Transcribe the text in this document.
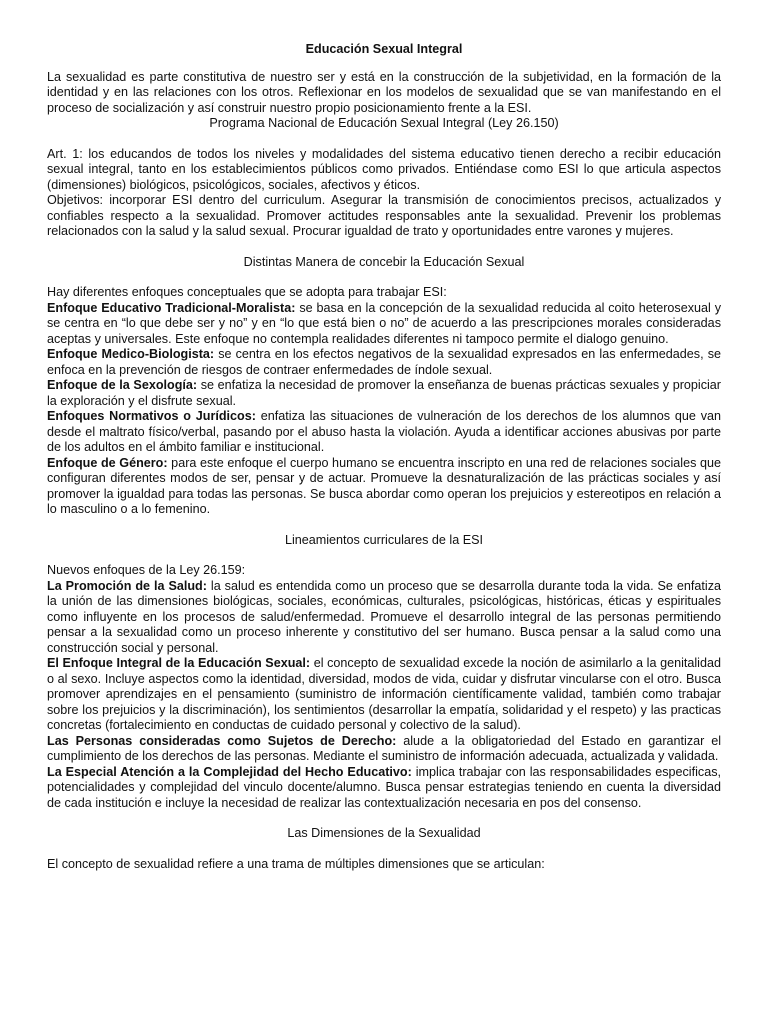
Educación Sexual Integral

La sexualidad es parte constitutiva de nuestro ser y está en la construcción de la subjetividad, en la formación de la identidad y en las relaciones con los otros. Reflexionar en los modelos de sexualidad que se van manifestando en el proceso de socialización y así construir nuestro propio posicionamiento frente a la ESI.

Programa Nacional de Educación Sexual Integral (Ley 26.150)

Art. 1: los educandos de todos los niveles y modalidades del sistema educativo tienen derecho a recibir educación sexual integral, tanto en los establecimientos públicos como privados. Entiéndase como ESI lo que articula aspectos (dimensiones) biológicos, psicológicos, sociales, afectivos y éticos.

Objetivos: incorporar ESI dentro del curriculum. Asegurar la transmisión de conocimientos precisos, actualizados y confiables respecto a la sexualidad. Promover actitudes responsables ante la sexualidad. Prevenir los problemas relacionados con la salud y la salud sexual. Procurar igualdad de trato y oportunidades entre varones y mujeres.

Distintas Manera de concebir la Educación Sexual

Hay diferentes enfoques conceptuales que se adopta para trabajar ESI:

Enfoque Educativo Tradicional-Moralista: se basa en la concepción de la sexualidad reducida al coito heterosexual y se centra en “lo que debe ser y no” y en “lo que está bien o no” de acuerdo a las prescripciones morales consideradas aceptas y universales. Este enfoque no contempla realidades diferentes ni tampoco permite el dialogo genuino.

Enfoque Medico-Biologista: se centra en los efectos negativos de la sexualidad expresados en las enfermedades, se enfoca en la prevención de riesgos de contraer enfermedades de índole sexual.

Enfoque de la Sexología: se enfatiza la necesidad de promover la enseñanza de buenas prácticas sexuales y propiciar la exploración y el disfrute sexual.

Enfoques Normativos o Jurídicos: enfatiza las situaciones de vulneración de los derechos de los alumnos que van desde el maltrato físico/verbal, pasando por el abuso hasta la violación. Ayuda a identificar acciones abusivas por parte de los adultos en el ámbito familiar e institucional.

Enfoque de Género: para este enfoque el cuerpo humano se encuentra inscripto en una red de relaciones sociales que configuran diferentes modos de ser, pensar y de actuar. Promueve la desnaturalización de las prácticas sociales y así promover la igualdad para todas las personas. Se busca abordar como operan los prejuicios y estereotipos en relación a lo masculino o a lo femenino.

Lineamientos curriculares de la ESI

Nuevos enfoques de la Ley 26.159:

La Promoción de la Salud: la salud es entendida como un proceso que se desarrolla durante toda la vida. Se enfatiza la unión de las dimensiones biológicas, sociales, económicas, culturales, psicológicas, históricas, éticas y espirituales como influyente en los procesos de salud/enfermedad. Promueve el desarrollo integral de las personas permitiendo pensar a la sexualidad como un proceso inherente y constitutivo del ser humano. Busca pensar a la salud como una construcción social y personal.

El Enfoque Integral de la Educación Sexual: el concepto de sexualidad excede la noción de asimilarlo a la genitalidad o al sexo. Incluye aspectos como la identidad, diversidad, modos de vida, cuidar y disfrutar vincularse con el otro. Busca promover aprendizajes en el pensamiento (suministro de información científicamente validad, también como trabajar sobre los prejuicios y la discriminación), los sentimientos (desarrollar la empatía, solidaridad y el respeto) y las practicas concretas (fortalecimiento en conductas de cuidado personal y colectivo de la salud).

Las Personas consideradas como Sujetos de Derecho: alude a la obligatoriedad del Estado en garantizar el cumplimiento de los derechos de las personas. Mediante el suministro de información adecuada, actualizada y validada.

La Especial Atención a la Complejidad del Hecho Educativo: implica trabajar con las responsabilidades especificas, potencialidades y complejidad del vinculo docente/alumno. Busca pensar estrategias teniendo en cuenta la diversidad de cada institución e incluye la necesidad de realizar las contextualización necesaria en pos del consenso.

Las Dimensiones de la Sexualidad

El concepto de sexualidad refiere a una trama de múltiples dimensiones que se articulan:
